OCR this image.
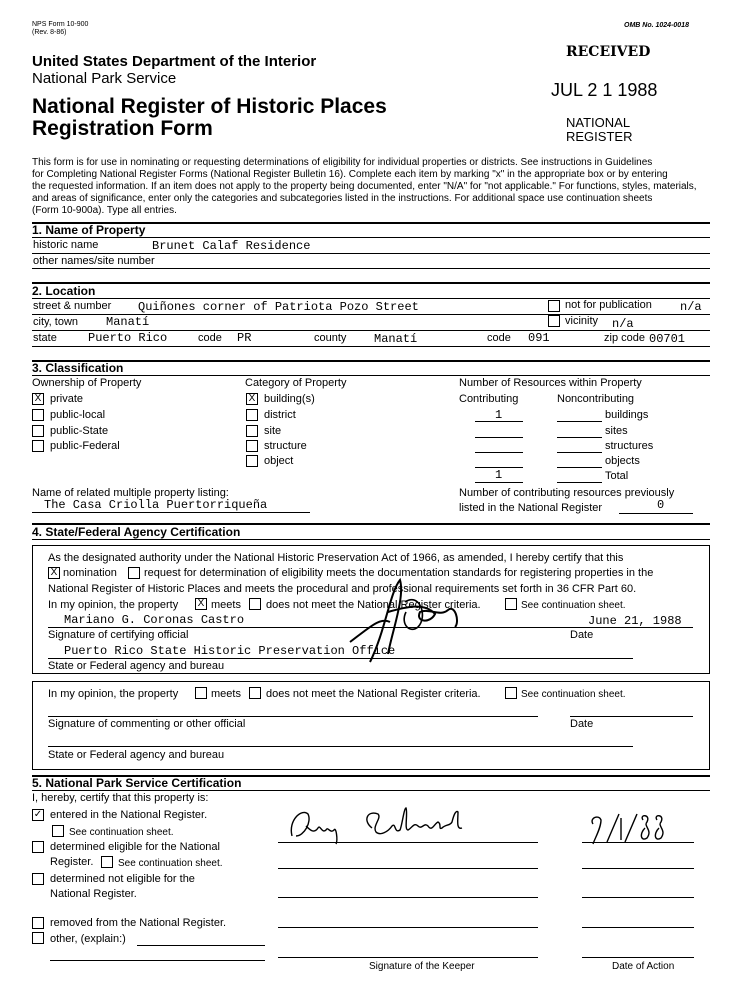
NPS Form 10-900
(Rev. 8-86)
OMB No. 1024-0018
United States Department of the Interior
National Park Service
National Register of Historic Places
Registration Form
RECEIVED
JUL 2 1 1988
NATIONAL
REGISTER
This form is for use in nominating or requesting determinations of eligibility for individual properties or districts. See instructions in Guidelines
for Completing National Register Forms (National Register Bulletin 16). Complete each item by marking "x" in the appropriate box or by entering
the requested information. If an item does not apply to the property being documented, enter "N/A" for "not applicable." For functions, styles, materials,
and areas of significance, enter only the categories and subcategories listed in the instructions. For additional space use continuation sheets
(Form 10-900a). Type all entries.
1. Name of Property
historic name	Brunet Calaf Residence
other names/site number
2. Location
street & number Quiñones corner of Patriota Pozo Street	not for publication n/a
city, town Manatí	vicinity n/a
state	Puerto Rico	code PR	county Manatí	code 091	zip code 00701
3. Classification
Ownership of Property
X private
public-local
public-State
public-Federal
Category of Property
X building(s)
district
site
structure
object
Number of Resources within Property
Contributing	Noncontributing
1	buildings
sites
structures
objects
1	Total
Name of related multiple property listing:
The Casa Criolla Puertorriqueña
Number of contributing resources previously
listed in the National Register	0
4. State/Federal Agency Certification
As the designated authority under the National Historic Preservation Act of 1966, as amended, I hereby certify that this
X nomination request for determination of eligibility meets the documentation standards for registering properties in the
National Register of Historic Places and meets the procedural and professional requirements set forth in 36 CFR Part 60.
In my opinion, the property X meets does not meet the National Register criteria.	See continuation sheet.
Mariano G. Coronas Castro	June 21, 1988
Signature of certifying official	Date
Puerto Rico State Historic Preservation Office
State or Federal agency and bureau
In my opinion, the property	meets does not meet the National Register criteria.	See continuation sheet.
Signature of commenting or other official	Date
State or Federal agency and bureau
5. National Park Service Certification
I, hereby, certify that this property is:
✓ entered in the National Register.
See continuation sheet.
determined eligible for the National
Register. See continuation sheet.
determined not eligible for the
National Register.
removed from the National Register.
other, (explain:)
Signature of the Keeper	Date of Action
